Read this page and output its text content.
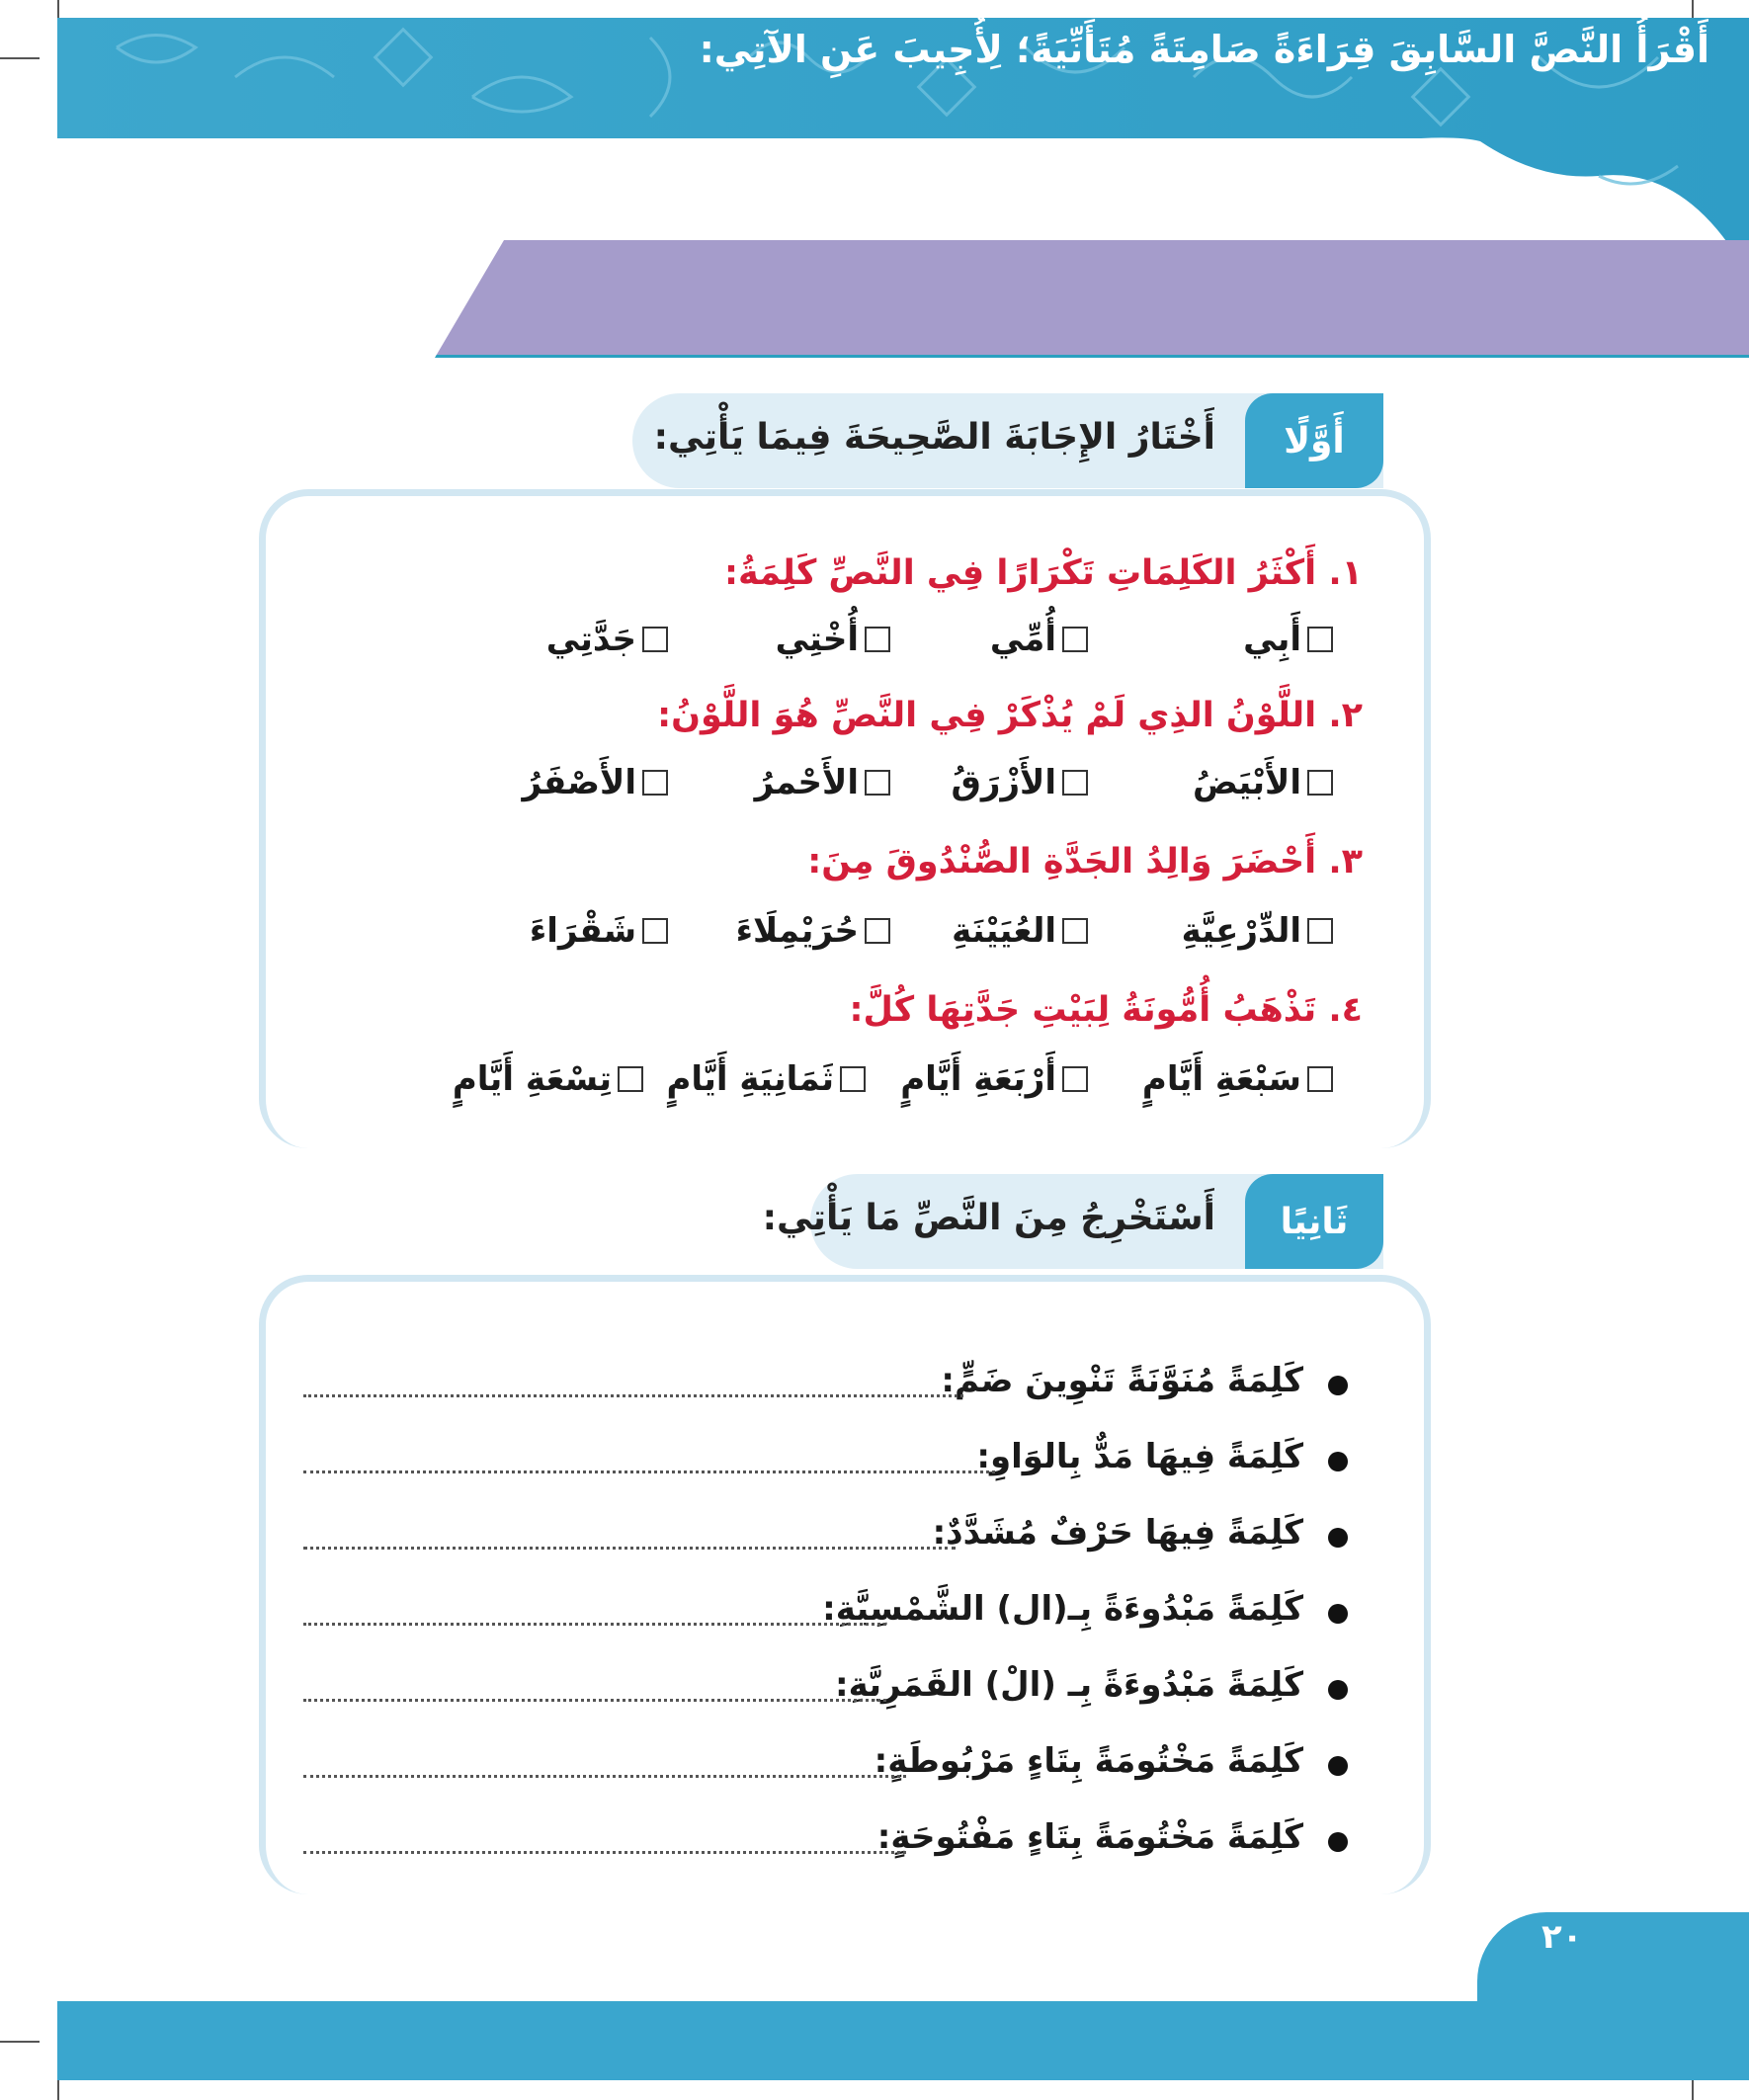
أَقْرَأُ النَّصَّ السَّابِقَ قِرَاءَةً صَامِتَةً مُتَأَنِّيَةً؛ لِأُجِيبَ عَنِ الآتِي:
أَوَّلًا
أَخْتَارُ الإِجَابَةَ الصَّحِيحَةَ فِيمَا يَأْتِي:
١. أَكْثَرُ الكَلِمَاتِ تَكْرَارًا فِي النَّصِّ كَلِمَةُ:
أَبِي
أُمِّي
أُخْتِي
جَدَّتِي
٢. اللَّوْنُ الذِي لَمْ يُذْكَرْ فِي النَّصِّ هُوَ اللَّوْنُ:
الأَبْيَضُ
الأَزْرَقُ
الأَحْمرُ
الأَصْفَرُ
٣. أَحْضَرَ وَالِدُ الجَدَّةِ الصُّنْدُوقَ مِنَ:
الدِّرْعِيَّةِ
العُيَيْنَةِ
حُرَيْمِلَاءَ
شَقْرَاءَ
٤. تَذْهَبُ أُمُّونَةُ لِبَيْتِ جَدَّتِهَا كُلَّ:
سَبْعَةِ أَيَّامٍ
أَرْبَعَةِ أَيَّامٍ
ثَمَانِيَةِ أَيَّامٍ
تِسْعَةِ أَيَّامٍ
ثَانِيًا
أَسْتَخْرِجُ مِنَ النَّصِّ مَا يَأْتِي:
كَلِمَةً مُنَوَّنَةً تَنْوِينَ ضَمٍّ:
كَلِمَةً فِيهَا مَدٌّ بِالوَاوِ:
كَلِمَةً فِيهَا حَرْفٌ مُشَدَّدٌ:
كَلِمَةً مَبْدُوءَةً بِـ(ال) الشَّمْسِيَّةِ:
كَلِمَةً مَبْدُوءَةً بِـ (الْ) القَمَرِيَّةِ:
كَلِمَةً مَخْتُومَةً بِتَاءٍ مَرْبُوطَةٍ:
كَلِمَةً مَخْتُومَةً بِتَاءٍ مَفْتُوحَةٍ:
٢٠
